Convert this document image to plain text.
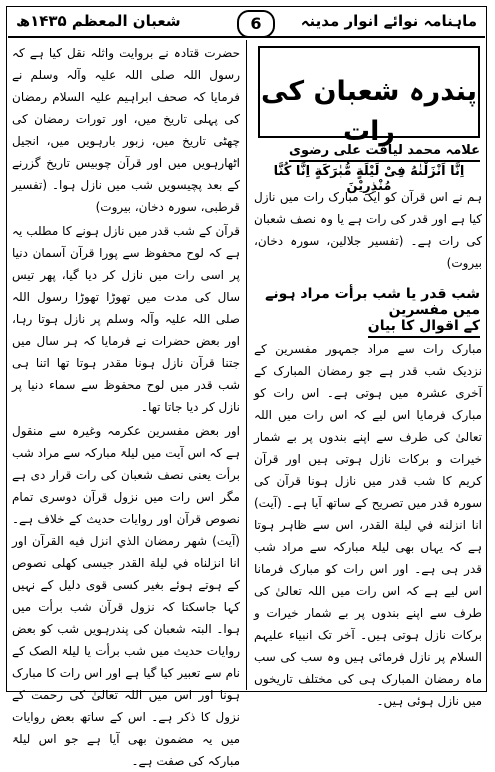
شعبان المعظم ۱۴۳۵ھ	6	ماہنامہ نوائے انوار مدینہ
پندرہ شعبان کی رات
علامہ محمد لیاقت علی رضوی
اِنَّا اَنْزَلْنٰهُ فِیْ لَیْلَةٍ مُّبٰرَكَةٍ اِنَّا كُنَّا مُنْذِرِیْنَ

ہم نے اس قرآن کو ایک مبارک رات میں نازل کیا ہے اور قدر کی رات ہے یا وہ نصف شعبان کی رات ہے۔ (تفسیر جلالین، سورہ دخان، بیروت)

شب قدر یا شب برأت مراد ہونے میں مفسرین
کے اقوال کا بیان

مبارک رات سے مراد جمہور مفسرین کے نزدیک شب قدر ہے جو رمضان المبارک کے آخری عشرہ میں ہوتی ہے۔ اس رات کو مبارک فرمایا اس لیے کہ اس رات میں اللہ تعالیٰ کی طرف سے اپنے بندوں پر بے شمار خیرات و برکات نازل ہوتی ہیں اور قرآن کریم کا شب قدر میں نازل ہونا قرآن کی سورہ قدر میں تصریح کے ساتھ آیا ہے۔ (آیت) انا انزلنه في ليلة القدر، اس سے ظاہر ہوتا ہے کہ یہاں بھی لیلۃ مبارکہ سے مراد شب قدر ہی ہے۔ اور اس رات کو مبارک فرمانا اس لیے ہے کہ اس رات میں اللہ تعالیٰ کی طرف سے اپنے بندوں پر بے شمار خیرات و برکات نازل ہوتی ہیں۔ آخر تک انبیاء علیہم السلام پر نازل فرمائی ہیں وہ سب کی سب ماہ رمضان المبارک ہی کی مختلف تاریخوں میں نازل ہوئی ہیں۔

حضرت قتادہ نے بروایت واثلہ نقل کیا ہے کہ رسول اللہ صلی اللہ علیہ وآلہ وسلم نے فرمایا کہ صحف ابراہیم علیہ السلام رمضان کی پہلی تاریخ میں، اور تورات رمضان کی چھٹی تاریخ میں، زبور بارہویں میں، انجیل اٹھارہویں میں اور قرآن چوبیس تاریخ گزرنے کے بعد پچیسویں شب میں نازل ہوا۔ (تفسیر قرطبی، سورہ دخان، بیروت)

قرآن کے شب قدر میں نازل ہونے کا مطلب یہ ہے کہ لوح محفوظ سے پورا قرآن آسمان دنیا پر اسی رات میں نازل کر دیا گیا، پھر تیس سال کی مدت میں تھوڑا تھوڑا رسول اللہ صلی اللہ علیہ وآلہ وسلم پر نازل ہوتا رہا، اور بعض حضرات نے فرمایا کہ ہر سال میں جتنا قرآن نازل ہونا مقدر ہوتا تھا اتنا ہی شب قدر میں لوح محفوظ سے سماء دنیا پر نازل کر دیا جاتا تھا۔

اور بعض مفسرین عکرمہ وغیرہ سے منقول ہے کہ اس آیت میں لیلۃ مبارکہ سے مراد شب برأت یعنی نصف شعبان کی رات قرار دی ہے مگر اس رات میں نزول قرآن دوسری تمام نصوص قرآن اور روایات حدیث کے خلاف ہے۔ (آیت) شهر رمضان الذي انزل فيه القرآن اور انا انزلناه في ليلة القدر جیسی کھلی نصوص کے ہوتے ہوئے بغیر کسی قوی دلیل کے نہیں کہا جاسکتا کہ نزول قرآن شب برأت میں ہوا۔ البتہ شعبان کی پندرہویں شب کو بعض روایات حدیث میں شب برأت یا لیلۃ الصک کے نام سے تعبیر کیا گیا ہے اور اس رات کا مبارک ہونا اور اس میں اللہ تعالیٰ کی رحمت کے نزول کا ذکر ہے۔ اس کے ساتھ بعض روایات میں یہ مضمون بھی آیا ہے جو اس لیلۃ مبارکہ کی صفت ہے۔
